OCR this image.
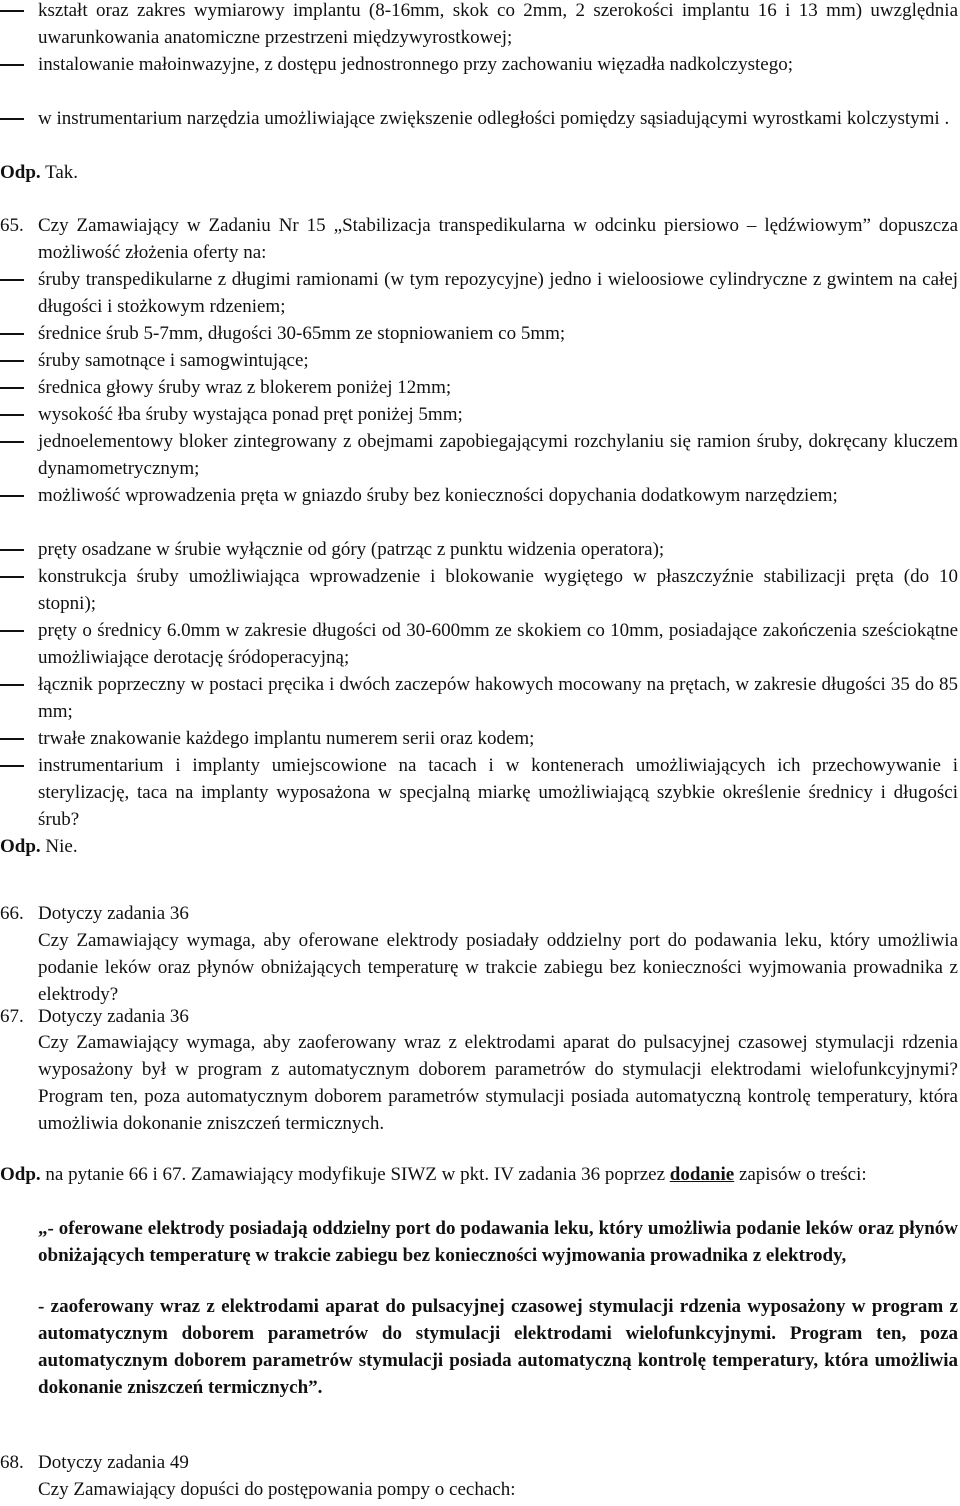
kształt oraz zakres wymiarowy implantu (8-16mm, skok co 2mm, 2 szerokości implantu 16 i 13 mm) uwzględnia uwarunkowania anatomiczne przestrzeni międzywyrostkowej;
instalowanie małoinwazyjne, z dostępu jednostronnego przy zachowaniu więzadła nadkolczystego;
w instrumentarium narzędzia umożliwiające zwiększenie odległości pomiędzy sąsiadującymi wyrostkami kolczystymi .
Odp. Tak.
65. Czy Zamawiający w Zadaniu Nr 15 „Stabilizacja transpedikularna w odcinku piersiowo – lędźwiowym” dopuszcza możliwość złożenia oferty na:
śruby transpedikularne z długimi ramionami (w tym repozycyjne) jedno i wieloosiowe cylindryczne z gwintem na całej długości i stożkowym rdzeniem;
średnice śrub 5-7mm, długości 30-65mm ze stopniowaniem co 5mm;
śruby samotnące i samogwintujące;
średnica głowy śruby wraz z blokerem poniżej 12mm;
wysokość łba śruby wystająca ponad pręt poniżej 5mm;
jednoelementowy bloker zintegrowany z obejmami zapobiegającymi rozchylaniu się ramion śruby, dokręcany kluczem dynamometrycznym;
możliwość wprowadzenia pręta w gniazdo śruby bez konieczności dopychania dodatkowym narzędziem;
pręty osadzane w śrubie wyłącznie od góry (patrząc z punktu widzenia operatora);
konstrukcja śruby umożliwiająca wprowadzenie i blokowanie wygiętego w płaszczyźnie stabilizacji pręta (do 10 stopni);
pręty o średnicy 6.0mm w zakresie długości od 30-600mm ze skokiem co 10mm, posiadające zakończenia sześciokątne umożliwiające derotację śródoperacyjną;
łącznik poprzeczny w postaci pręcika i dwóch zaczepów hakowych mocowany na prętach, w zakresie długości 35 do 85 mm;
trwałe znakowanie każdego implantu numerem serii oraz kodem;
instrumentarium i implanty umiejscowione na tacach i w kontenerach umożliwiających ich przechowywanie i sterylizację, taca na implanty wyposażona w specjalną miarkę umożliwiającą szybkie określenie średnicy i długości śrub?
Odp. Nie.
66. Dotyczy zadania 36
Czy Zamawiający wymaga, aby oferowane elektrody posiadały oddzielny port do podawania leku, który umożliwia podanie leków oraz płynów obniżających temperaturę w trakcie zabiegu bez konieczności wyjmowania prowadnika z elektrody?
67. Dotyczy zadania 36
Czy Zamawiający wymaga, aby zaoferowany wraz z elektrodami aparat do pulsacyjnej czasowej stymulacji rdzenia wyposażony był w program z automatycznym doborem parametrów do stymulacji elektrodami wielofunkcyjnymi? Program ten, poza automatycznym doborem parametrów stymulacji posiada automatyczną kontrolę temperatury, która umożliwia dokonanie zniszczeń termicznych.
Odp. na pytanie 66 i 67. Zamawiający modyfikuje SIWZ w pkt. IV zadania 36 poprzez dodanie zapisów o treści:
„- oferowane elektrody posiadają oddzielny port do podawania leku, który umożliwia podanie leków oraz płynów obniżających temperaturę w trakcie zabiegu bez konieczności wyjmowania prowadnika z elektrody,
- zaoferowany wraz z elektrodami aparat do pulsacyjnej czasowej stymulacji rdzenia wyposażony w program z automatycznym doborem parametrów do stymulacji elektrodami wielofunkcyjnymi. Program ten, poza automatycznym doborem parametrów stymulacji posiada automatyczną kontrolę temperatury, która umożliwia dokonanie zniszczeń termicznych”.
68. Dotyczy zadania 49
Czy Zamawiający dopuści do postępowania pompy o cechach:
